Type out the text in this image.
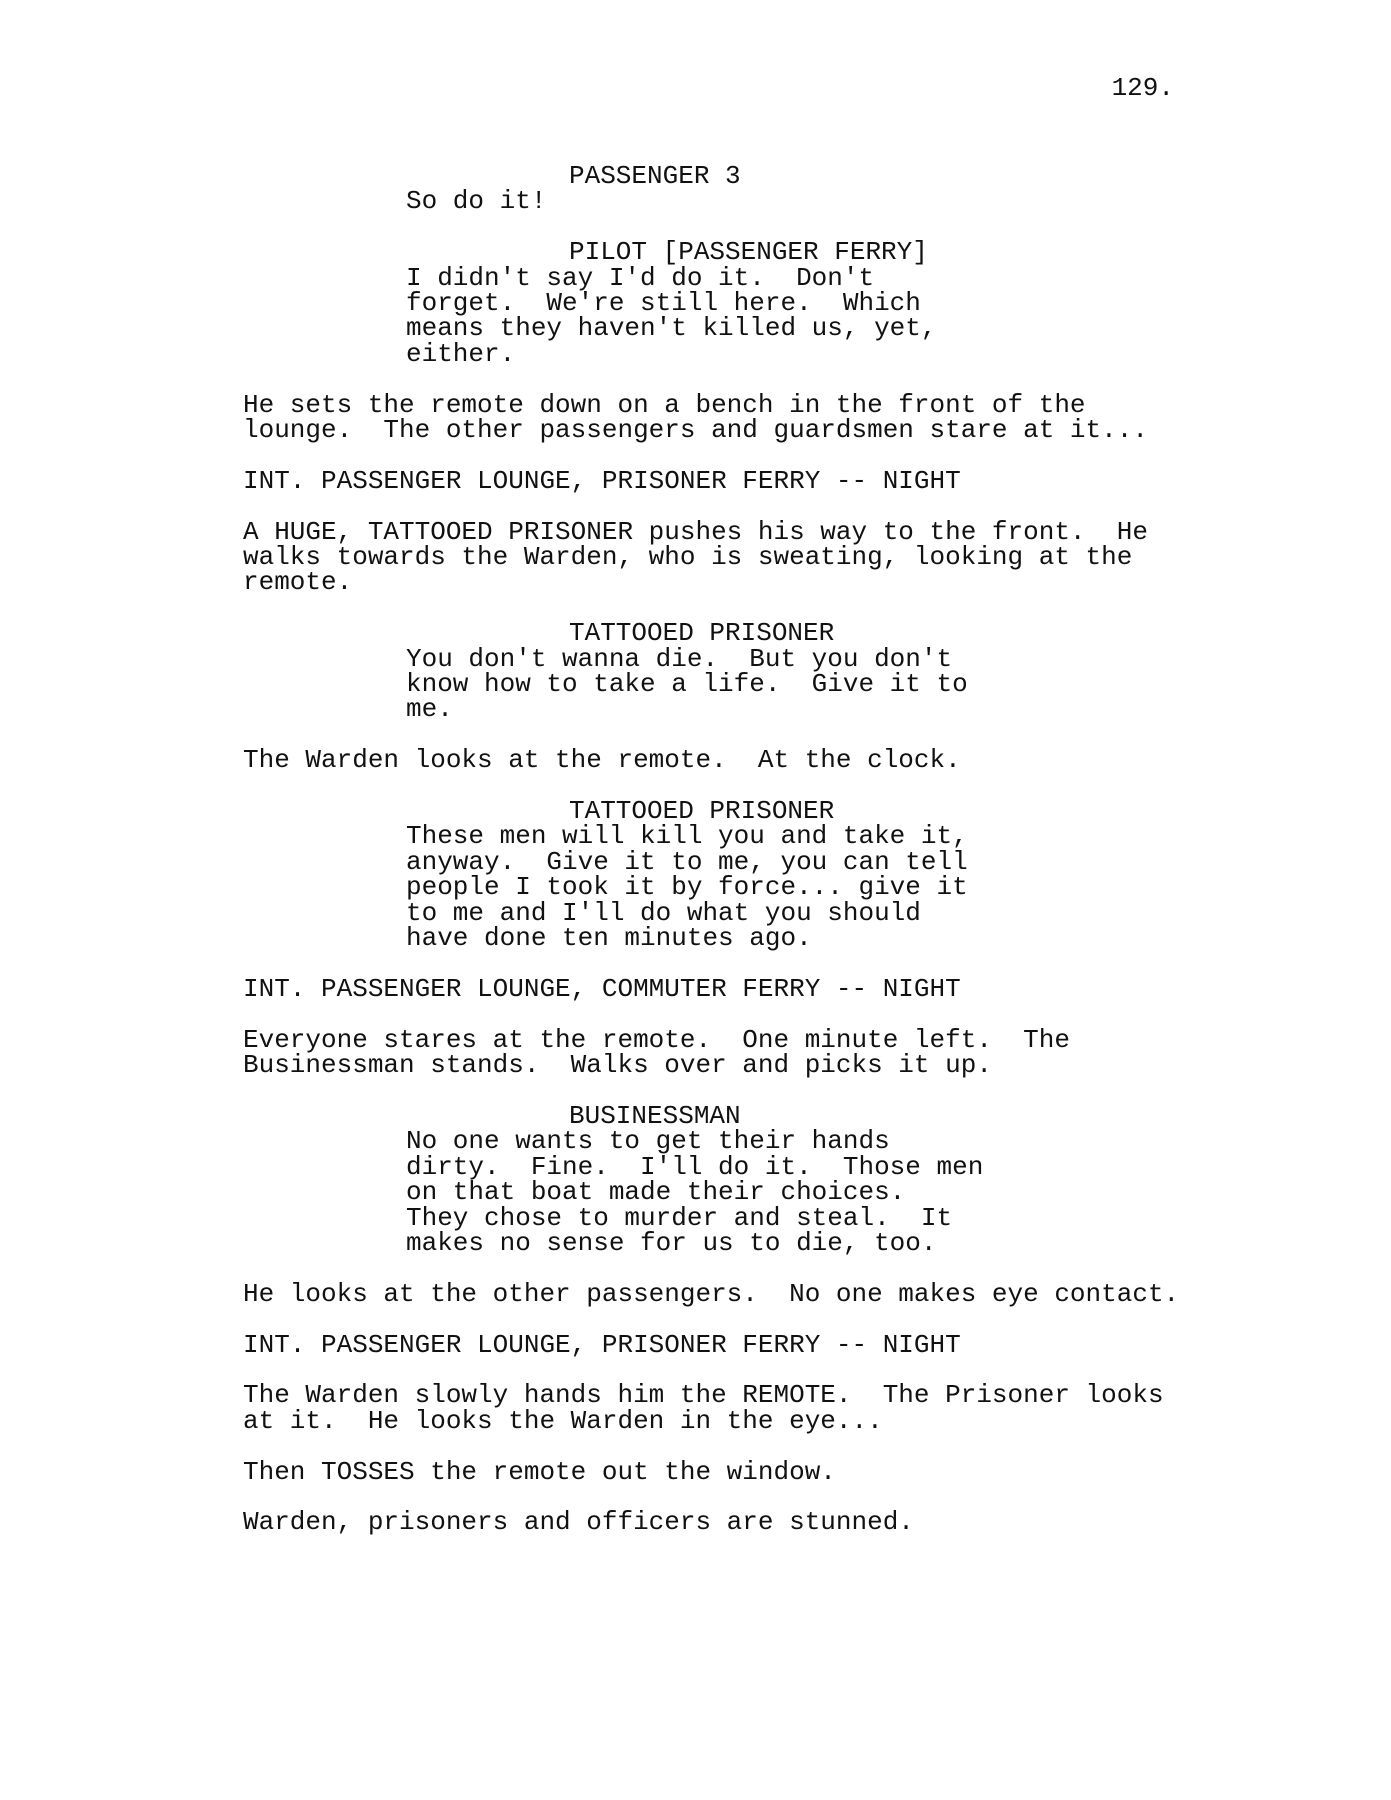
129.
PASSENGER 3
So do it!
PILOT [PASSENGER FERRY]
I didn't say I'd do it.  Don't
forget.  We're still here.  Which
means they haven't killed us, yet,
either.
He sets the remote down on a bench in the front of the
lounge.  The other passengers and guardsmen stare at it...
INT. PASSENGER LOUNGE, PRISONER FERRY -- NIGHT
A HUGE, TATTOOED PRISONER pushes his way to the front.  He
walks towards the Warden, who is sweating, looking at the
remote.
TATTOOED PRISONER
You don't wanna die.  But you don't
know how to take a life.  Give it to
me.
The Warden looks at the remote.  At the clock.
TATTOOED PRISONER
These men will kill you and take it,
anyway.  Give it to me, you can tell
people I took it by force... give it
to me and I'll do what you should
have done ten minutes ago.
INT. PASSENGER LOUNGE, COMMUTER FERRY -- NIGHT
Everyone stares at the remote.  One minute left.  The
Businessman stands.  Walks over and picks it up.
BUSINESSMAN
No one wants to get their hands
dirty.  Fine.  I'll do it.  Those men
on that boat made their choices.
They chose to murder and steal.  It
makes no sense for us to die, too.
He looks at the other passengers.  No one makes eye contact.
INT. PASSENGER LOUNGE, PRISONER FERRY -- NIGHT
The Warden slowly hands him the REMOTE.  The Prisoner looks
at it.  He looks the Warden in the eye...
Then TOSSES the remote out the window.
Warden, prisoners and officers are stunned.
